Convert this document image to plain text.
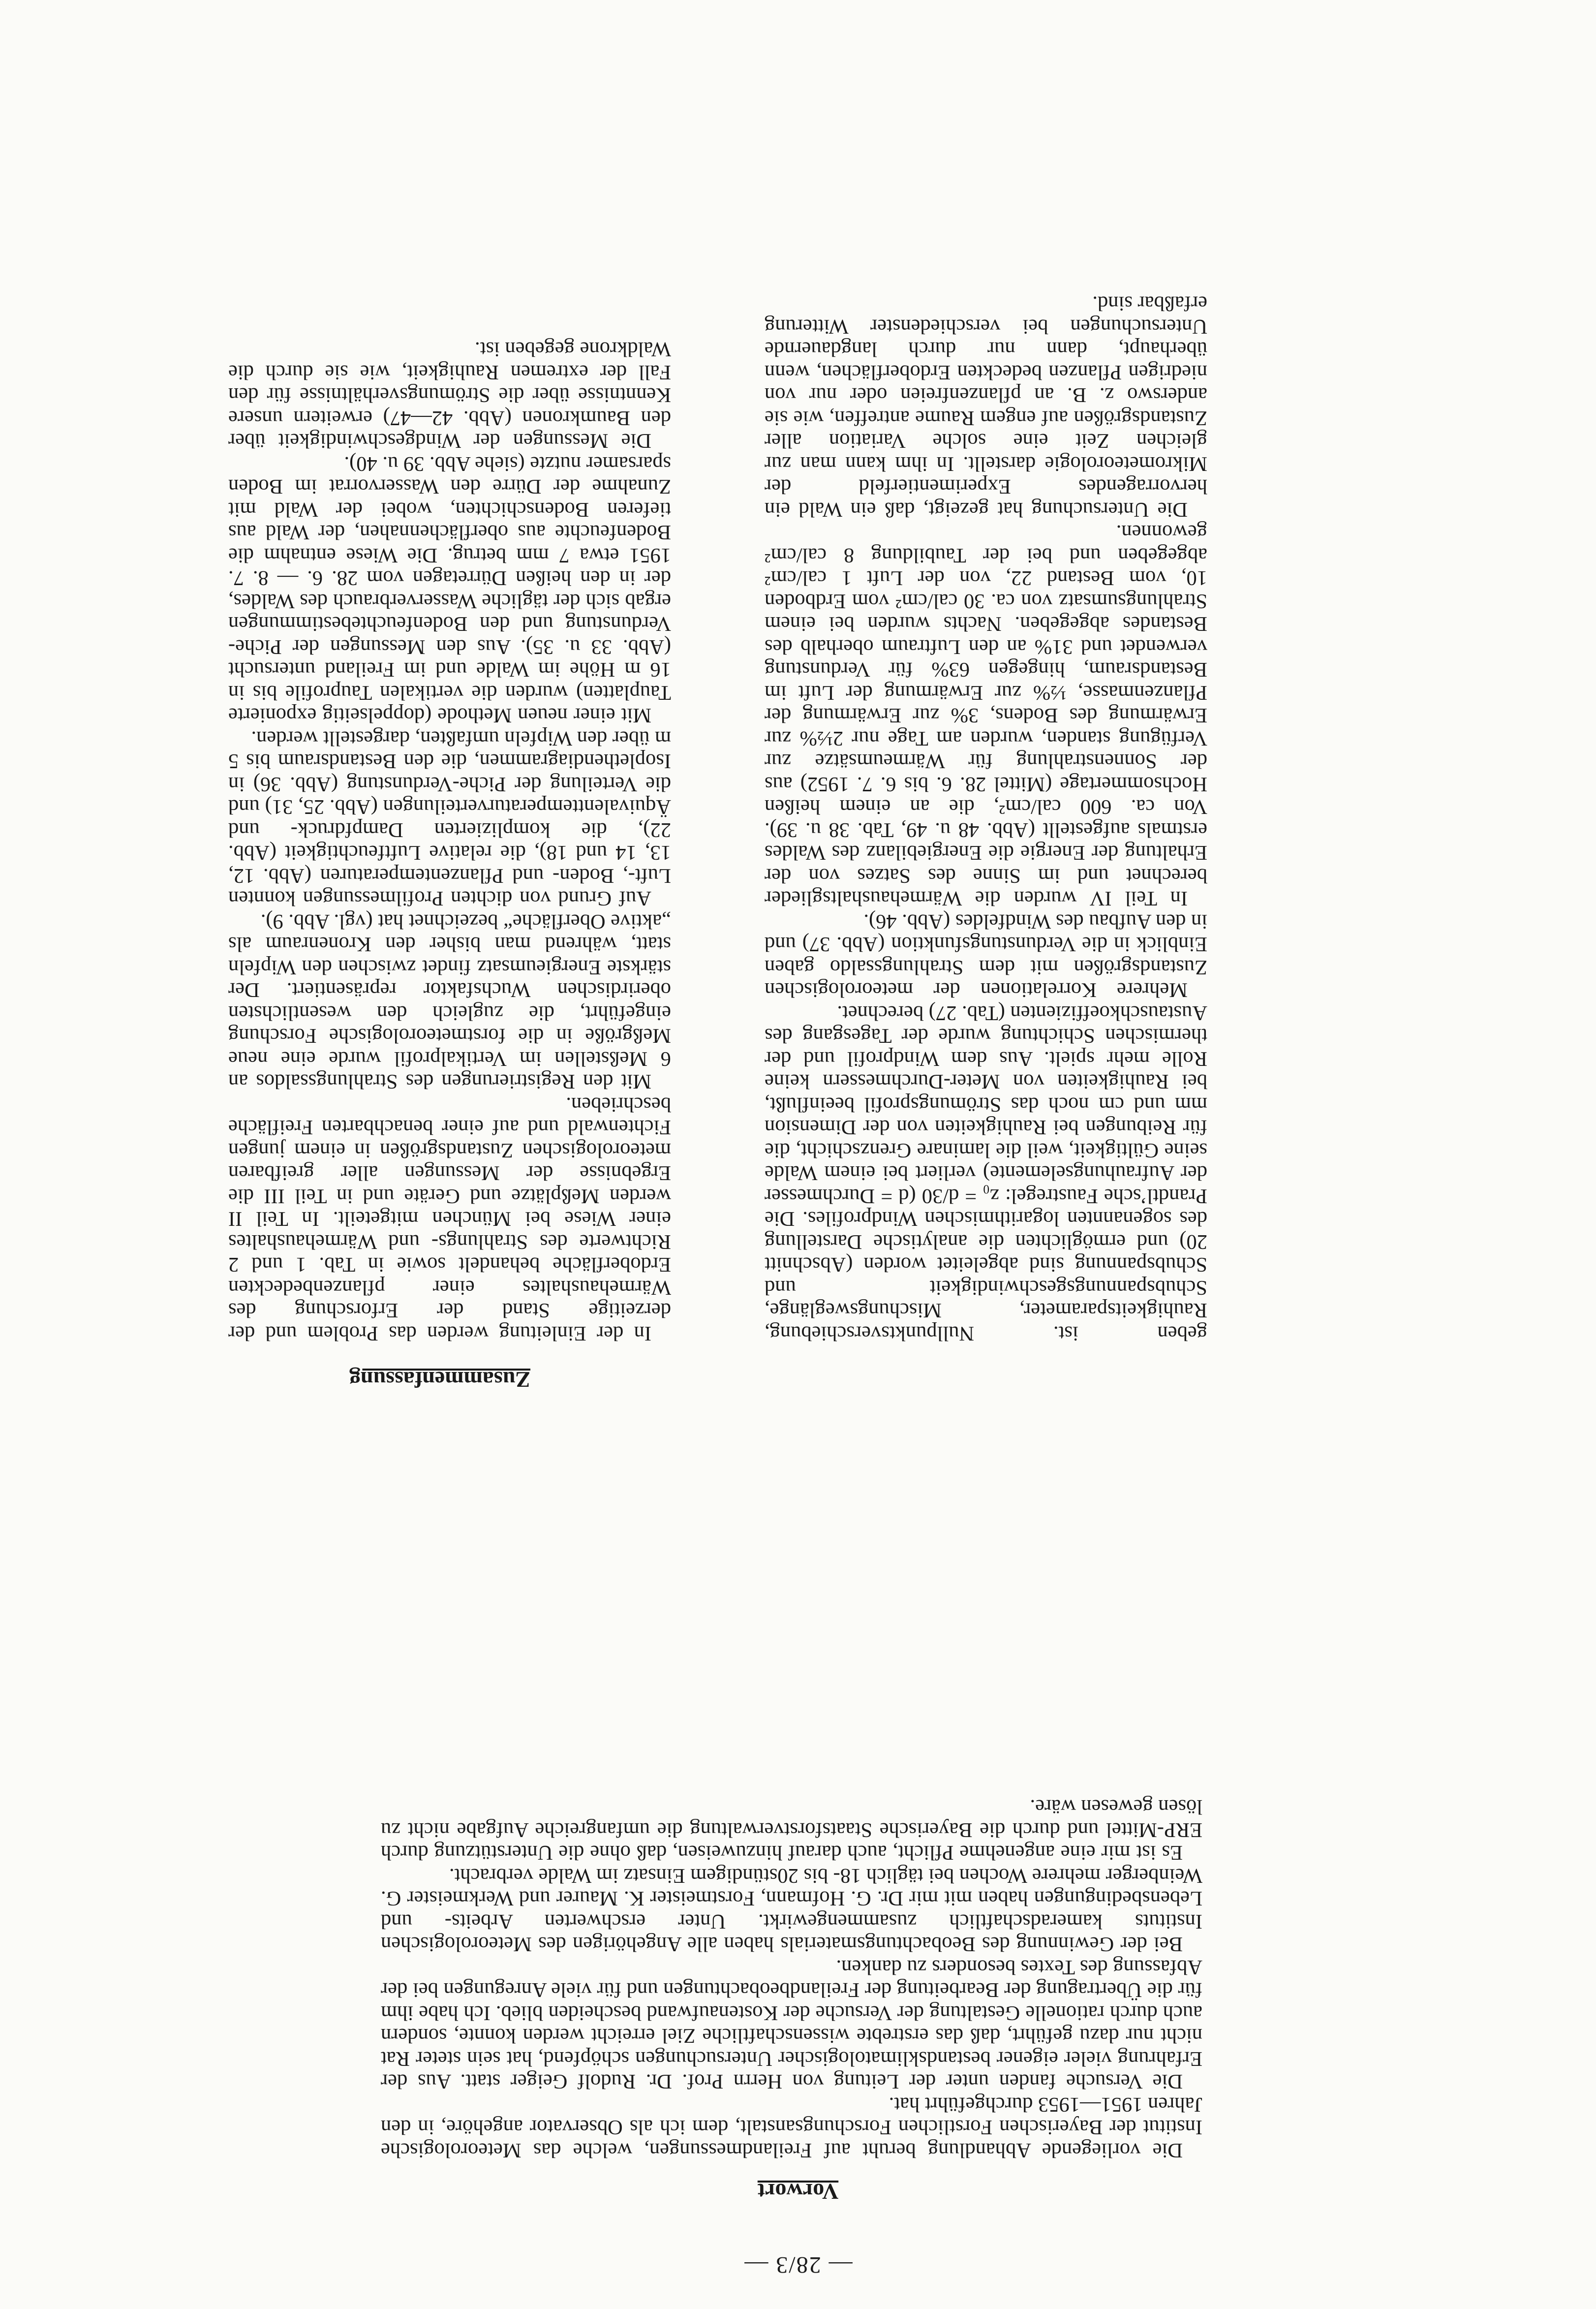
— 28/3 —
Vorwort

Die vorliegende Abhandlung beruht auf Freilandmessungen, welche das Meteorologische Institut der Bayerischen Forstlichen Forschungsanstalt, dem ich als Observator angehöre, in den Jahren 1951—1953 durchgeführt hat.

Die Versuche fanden unter der Leitung von Herrn Prof. Dr. Rudolf Geiger statt. Aus der Erfahrung vieler eigener bestandsklimatologischer Untersuchungen schöpfend, hat sein steter Rat nicht nur dazu geführt, daß das erstrebte wissenschaftliche Ziel erreicht werden konnte, sondern auch durch rationelle Gestaltung der Versuche der Kostenaufwand bescheiden blieb. Ich habe ihm für die Übertragung der Bearbeitung der Freilandbeobachtungen und für viele Anregungen bei der Abfassung des Textes besonders zu danken.

Bei der Gewinnung des Beobachtungsmaterials haben alle Angehörigen des Meteorologischen Instituts kameradschaftlich zusammengewirkt. Unter erschwerten Arbeits- und Lebensbedingungen haben mit mir Dr. G. Hofmann, Forstmeister K. Maurer und Werkmeister G. Weinberger mehrere Wochen bei täglich 18- bis 20stündigem Einsatz im Walde verbracht.

Es ist mir eine angenehme Pflicht, auch darauf hinzuweisen, daß ohne die Unterstützung durch ERP-Mittel und durch die Bayerische Staatsforstverwaltung die umfangreiche Aufgabe nicht zu lösen gewesen wäre.

Zusammenfassung

In der Einleitung werden das Problem und der derzeitige Stand der Erforschung des Wärmehaushaltes einer pflanzenbedeckten Erdoberfläche behandelt sowie in Tab. 1 und 2 Richtwerte des Strahlungs- und Wärmehaushaltes einer Wiese bei München mitgeteilt. In Teil II werden Meßplätze und Geräte und in Teil III die Ergebnisse der Messungen aller greifbaren meteorologischen Zustandsgrößen in einem jungen Fichtenwald und auf einer benachbarten Freifläche beschrieben.

Mit den Registrierungen des Strahlungssaldos an 6 Meßstellen im Vertikalprofil wurde eine neue Meßgröße in die forstmeteorologische Forschung eingeführt, die zugleich den wesentlichsten oberirdischen Wuchsfaktor repräsentiert. Der stärkste Energieumsatz findet zwischen den Wipfeln statt, während man bisher den Kronenraum als „aktive Oberfläche“ bezeichnet hat (vgl. Abb. 9).

Auf Grund von dichten Profilmessungen konnten Luft-, Boden- und Pflanzentemperaturen (Abb. 12, 13, 14 und 18), die relative Luftfeuchtigkeit (Abb. 22), die komplizierten Dampfdruck- und Äquivalenttemperaturverteilungen (Abb. 25, 31) und die Verteilung der Piche-Verdunstung (Abb. 36) in Isoplethendiagrammen, die den Bestandsraum bis 5 m über den Wipfeln umfaßten, dargestellt werden.

Mit einer neuen Methode (doppelseitig exponierte Tauplatten) wurden die vertikalen Tauprofile bis in 16 m Höhe im Walde und im Freiland untersucht (Abb. 33 u. 35). Aus den Messungen der Piche-Verdunstung und den Bodenfeuchtebestimmungen ergab sich der tägliche Wasserverbrauch des Waldes, der in den heißen Dürretagen vom 28. 6. — 8. 7. 1951 etwa 7 mm betrug. Die Wiese entnahm die Bodenfeuchte aus oberflächennahen, der Wald aus tieferen Bodenschichten, wobei der Wald mit Zunahme der Dürre den Wasservorrat im Boden sparsamer nutzte (siehe Abb. 39 u. 40).

Die Messungen der Windgeschwindigkeit über den Baumkronen (Abb. 42—47) erweitern unsere Kenntnisse über die Strömungsverhältnisse für den Fall der extremen Rauhigkeit, wie sie durch die Waldkrone gegeben ist.

geben ist. Nullpunktsverschiebung, Rauhigkeitsparameter, Mischungsweglänge, Schubspannungsgeschwindigkeit und Schubspannung sind abgeleitet worden (Abschnitt 20) und ermöglichten die analytische Darstellung des sogenannten logarithmischen Windprofiles. Die Prandtl’sche Faustregel: z₀ = d/30 (d = Durchmesser der Aufrauhungselemente) verliert bei einem Walde seine Gültigkeit, weil die laminare Grenzschicht, die für Reibungen bei Rauhigkeiten von der Dimension mm und cm noch das Strömungsprofil beeinflußt, bei Rauhigkeiten von Meter-Durchmessern keine Rolle mehr spielt. Aus dem Windprofil und der thermischen Schichtung wurde der Tagesgang des Austauschkoeffizienten (Tab. 27) berechnet.

Mehrere Korrelationen der meteorologischen Zustandsgrößen mit dem Strahlungssaldo gaben Einblick in die Verdunstungsfunktion (Abb. 37) und in den Aufbau des Windfeldes (Abb. 46).

In Teil IV wurden die Wärmehaushaltsglieder berechnet und im Sinne des Satzes von der Erhaltung der Energie die Energiebilanz des Waldes erstmals aufgestellt (Abb. 48 u. 49, Tab. 38 u. 39). Von ca. 600 cal/cm², die an einem heißen Hochsommertage (Mittel 28. 6. bis 6. 7. 1952) aus der Sonnenstrahlung für Wärmeumsätze zur Verfügung standen, wurden am Tage nur 2½% zur Erwärmung des Bodens, 3% zur Erwärmung der Pflanzenmasse, ½% zur Erwärmung der Luft im Bestandsraum, hingegen 63% für Verdunstung verwendet und 31% an den Luftraum oberhalb des Bestandes abgegeben. Nachts wurden bei einem Strahlungsumsatz von ca. 30 cal/cm² vom Erdboden 10, vom Bestand 22, von der Luft 1 cal/cm² abgegeben und bei der Taubildung 8 cal/cm² gewonnen.

Die Untersuchung hat gezeigt, daß ein Wald ein hervorragendes Experimentierfeld der Mikrometeorologie darstellt. In ihm kann man zur gleichen Zeit eine solche Variation aller Zustandsgrößen auf engem Raume antreffen, wie sie anderswo z. B. an pflanzenfreien oder nur von niedrigen Pflanzen bedeckten Erdoberflächen, wenn überhaupt, dann nur durch langdauernde Untersuchungen bei verschiedenster Witterung erfaßbar sind.
